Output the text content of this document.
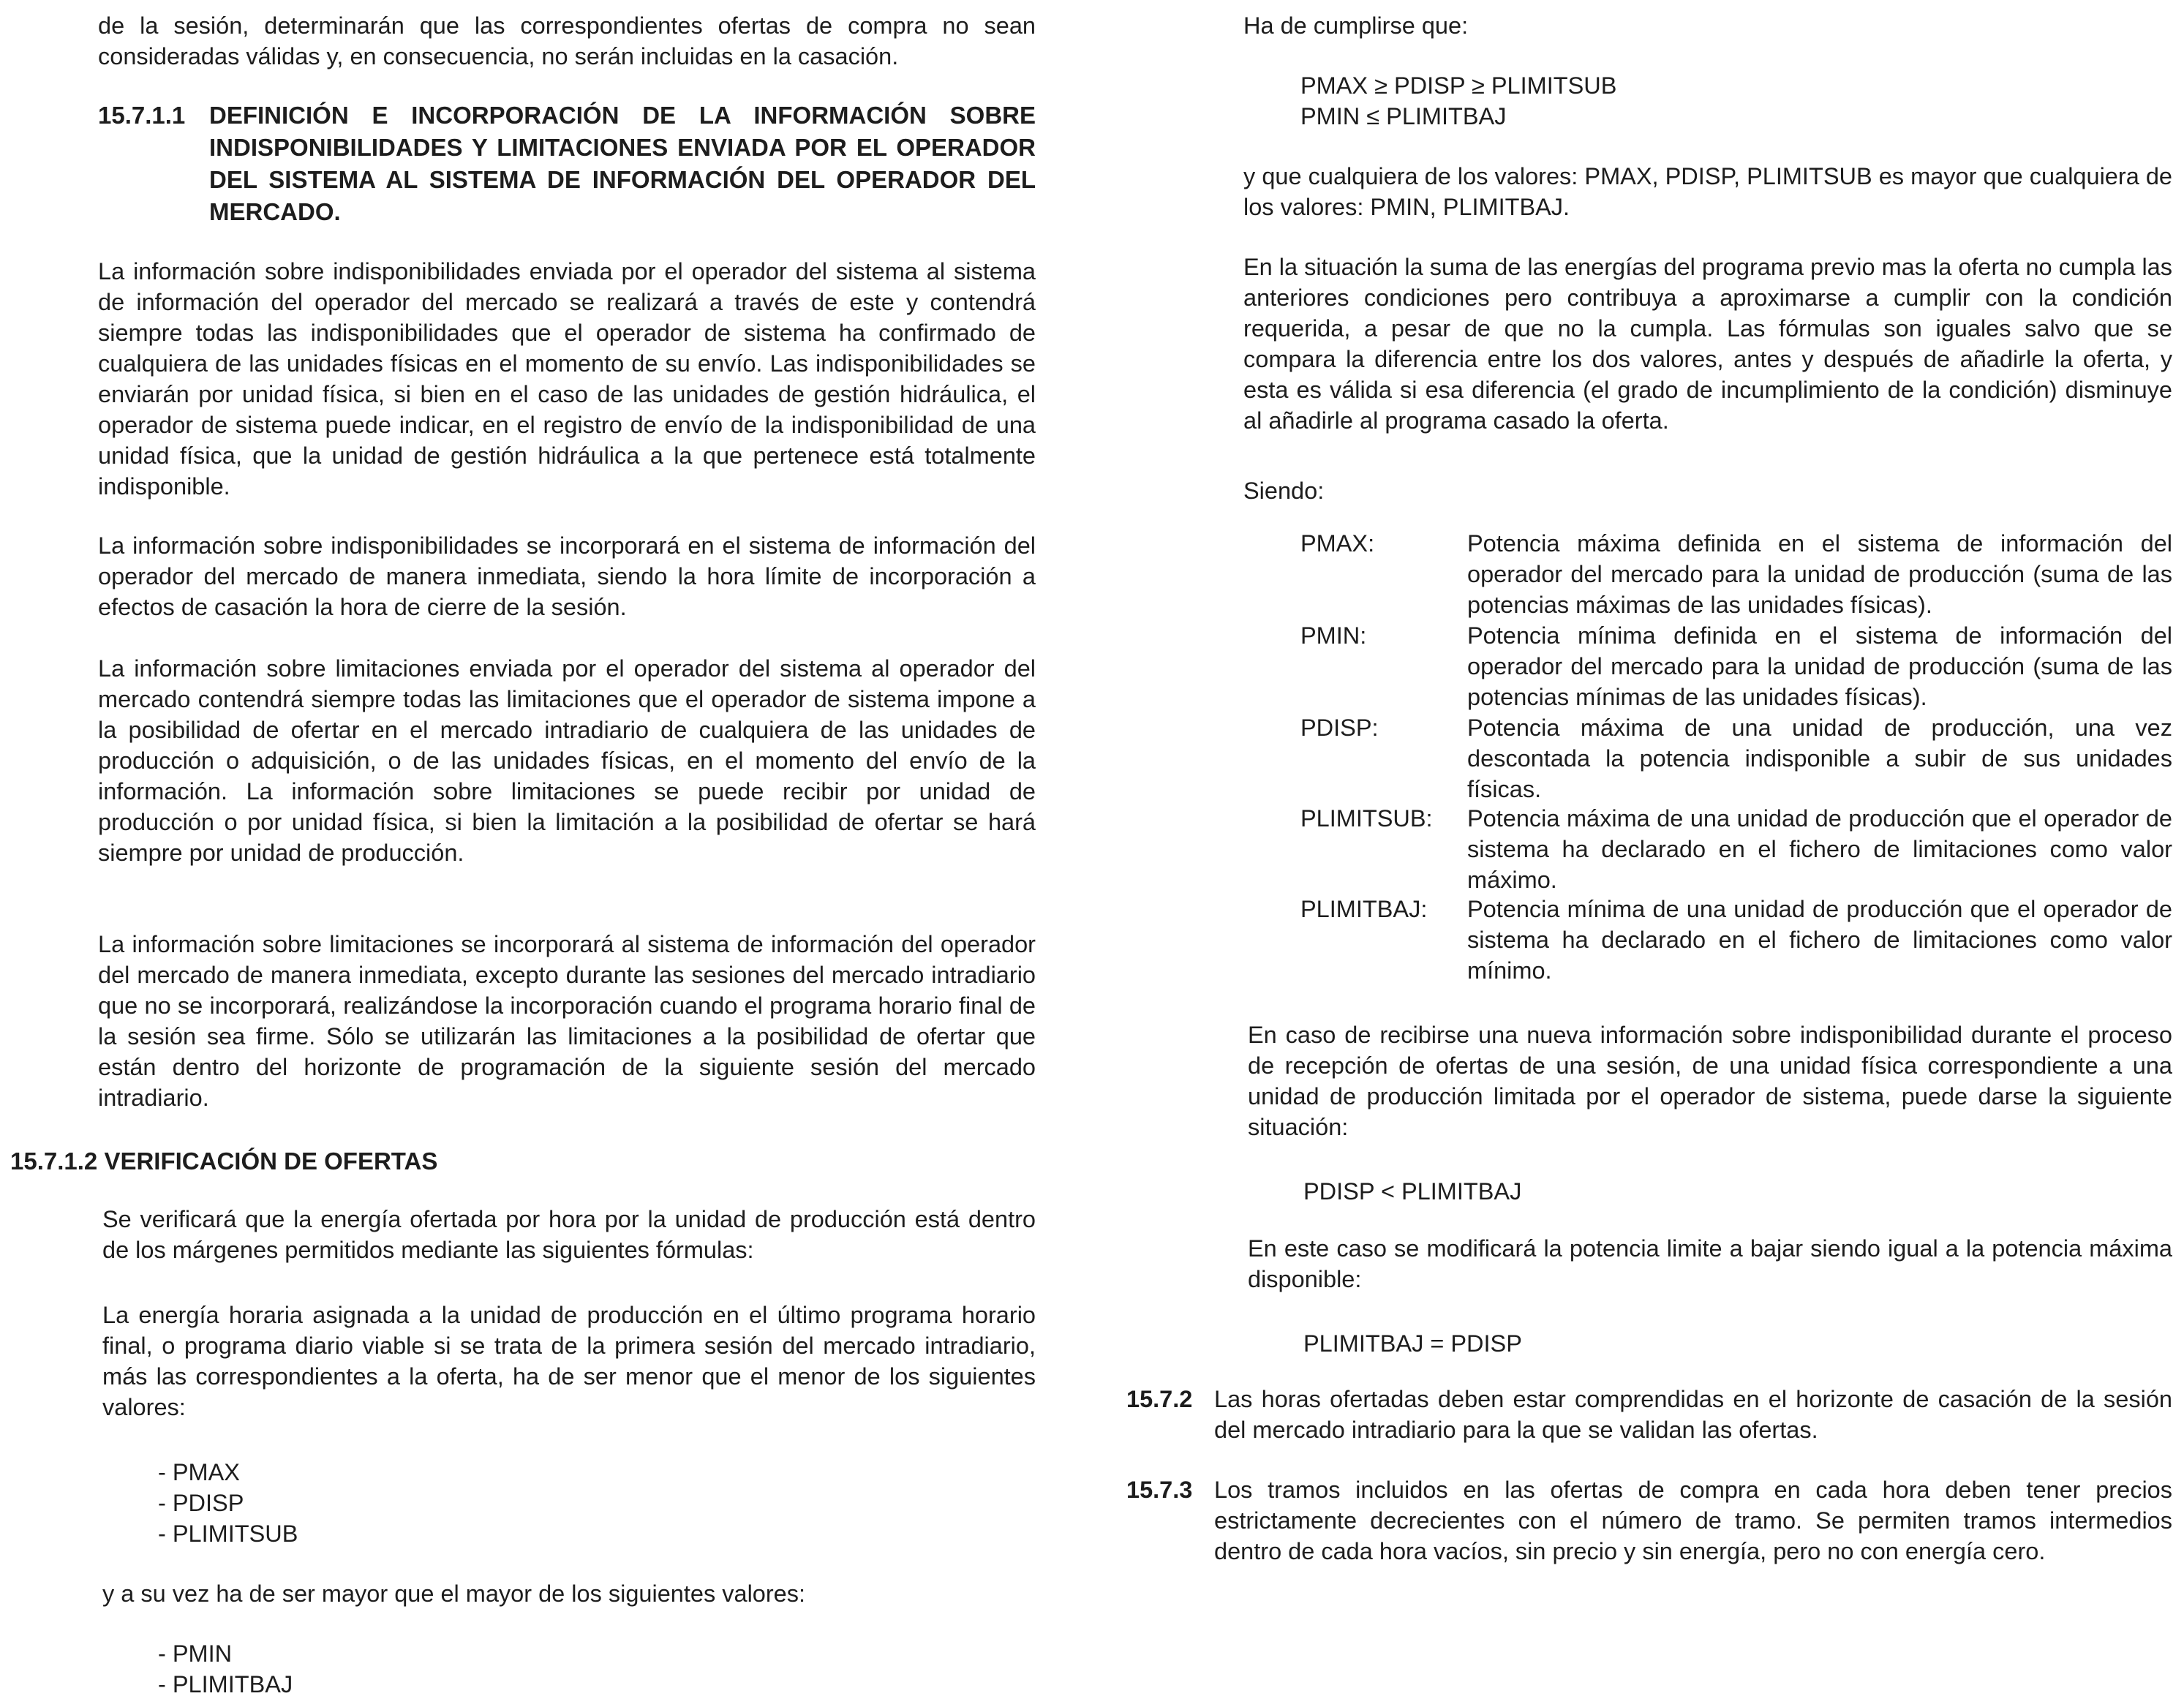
de la sesión, determinarán que las correspondientes ofertas de compra no sean consideradas válidas y, en consecuencia, no serán incluidas en la casación.

15.7.1.1 DEFINICIÓN E INCORPORACIÓN DE LA INFORMACIÓN SOBRE INDISPONIBILIDADES Y LIMITACIONES ENVIADA POR EL OPERADOR DEL SISTEMA AL SISTEMA DE INFORMACIÓN DEL OPERADOR DEL MERCADO.

La información sobre indisponibilidades enviada por el operador del sistema al sistema de información del operador del mercado se realizará a través de este y contendrá siempre todas las indisponibilidades que el operador de sistema ha confirmado de cualquiera de las unidades físicas en el momento de su envío. Las indisponibilidades se enviarán por unidad física, si bien en el caso de las unidades de gestión hidráulica, el operador de sistema puede indicar, en el registro de envío de la indisponibilidad de una unidad física, que la unidad de gestión hidráulica a la que pertenece está totalmente indisponible.

La información sobre indisponibilidades se incorporará en el sistema de información del operador del mercado de manera inmediata, siendo la hora límite de incorporación a efectos de casación la hora de cierre de la sesión.

La información sobre limitaciones enviada por el operador del sistema al operador del mercado contendrá siempre todas las limitaciones que el operador de sistema impone a la posibilidad de ofertar en el mercado intradiario de cualquiera de las unidades de producción o adquisición, o de las unidades físicas, en el momento del envío de la información. La información sobre limitaciones se puede recibir por unidad de producción o por unidad física, si bien la limitación a la posibilidad de ofertar se hará siempre por unidad de producción.

La información sobre limitaciones se incorporará al sistema de información del operador del mercado de manera inmediata, excepto durante las sesiones del mercado intradiario que no se incorporará, realizándose la incorporación cuando el programa horario final de la sesión sea firme. Sólo se utilizarán las limitaciones a la posibilidad de ofertar que están dentro del horizonte de programación de la siguiente sesión del mercado intradiario.

15.7.1.2 VERIFICACIÓN DE OFERTAS

Se verificará que la energía ofertada por hora por la unidad de producción está dentro de los márgenes permitidos mediante las siguientes fórmulas:

La energía horaria asignada a la unidad de producción en el último programa horario final, o programa diario viable si se trata de la primera sesión del mercado intradiario, más las correspondientes a la oferta, ha de ser menor que el menor de los siguientes valores:

- PMAX
- PDISP
- PLIMITSUB

y a su vez ha de ser mayor que el mayor de los siguientes valores:

- PMIN
- PLIMITBAJ

Ha de cumplirse que:

PMAX ≥ PDISP ≥ PLIMITSUB
PMIN ≤ PLIMITBAJ

y que cualquiera de los valores: PMAX, PDISP, PLIMITSUB es mayor que cualquiera de los valores: PMIN, PLIMITBAJ.

En la situación la suma de las energías del programa previo mas la oferta no cumpla las anteriores condiciones pero contribuya a aproximarse a cumplir con la condición requerida, a pesar de que no la cumpla. Las fórmulas son iguales salvo que se compara la diferencia entre los dos valores, antes y después de añadirle la oferta, y esta es válida si esa diferencia (el grado de incumplimiento de la condición) disminuye al añadirle al programa casado la oferta.

Siendo:

PMAX:	Potencia máxima definida en el sistema de información del operador del mercado para la unidad de producción (suma de las potencias máximas de las unidades físicas).
PMIN:	Potencia mínima definida en el sistema de información del operador del mercado para la unidad de producción (suma de las potencias mínimas de las unidades físicas).
PDISP:	Potencia máxima de una unidad de producción, una vez descontada la potencia indisponible a subir de sus unidades físicas.
PLIMITSUB: Potencia máxima de una unidad de producción que el operador de sistema ha declarado en el fichero de limitaciones como valor máximo.
PLIMITBAJ: Potencia mínima de una unidad de producción que el operador de sistema ha declarado en el fichero de limitaciones como valor mínimo.

En caso de recibirse una nueva información sobre indisponibilidad durante el proceso de recepción de ofertas de una sesión, de una unidad física correspondiente a una unidad de producción limitada por el operador de sistema, puede darse la siguiente situación:

PDISP < PLIMITBAJ

En este caso se modificará la potencia limite a bajar siendo igual a la potencia máxima disponible:

PLIMITBAJ = PDISP
15.7.2 Las horas ofertadas deben estar comprendidas en el horizonte de casación de la sesión del mercado intradiario para la que se validan las ofertas.
15.7.3 Los tramos incluidos en las ofertas de compra en cada hora deben tener precios estrictamente decrecientes con el número de tramo. Se permiten tramos intermedios dentro de cada hora vacíos, sin precio y sin energía, pero no con energía cero.
